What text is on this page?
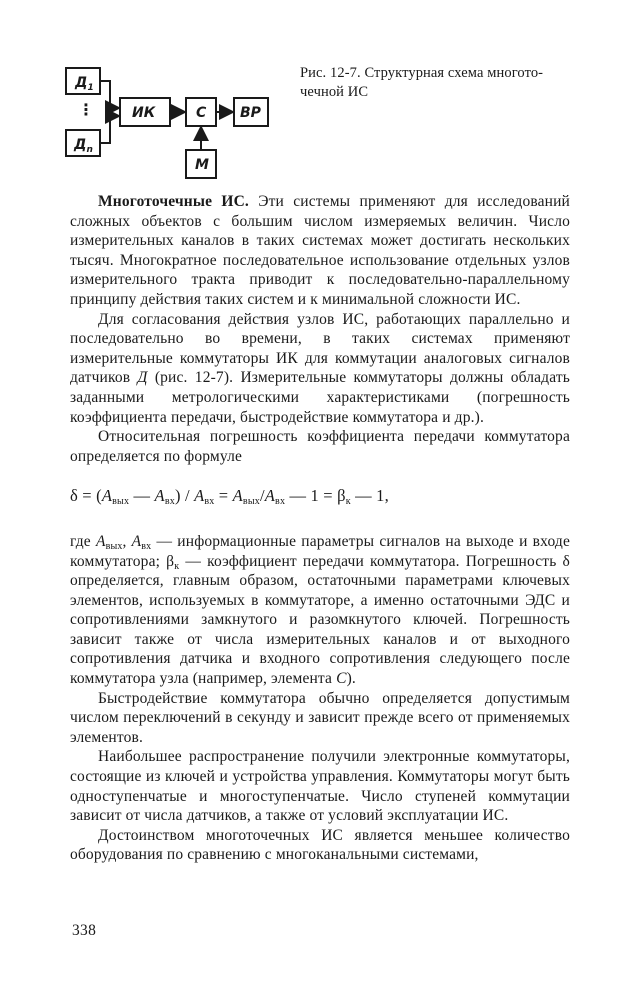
$Д_1$
⋮
$Д_n$
ИК	С ВР
М
Рис. 12-7. Структурная схема многото-
чечной ИС

Многоточечные ИС. Эти системы применяют для исследований сложных объектов с большим числом измеряемых величин. Число измерительных каналов в таких системах может достигать нескольких тысяч. Многократное последовательное использование отдельных узлов измерительного тракта приводит к последовательно-параллельному принципу действия таких систем и к минимальной сложности ИС.

Для согласования действия узлов ИС, работающих параллельно и последовательно во времени, в таких системах применяют измерительные коммутаторы ИК для коммутации аналоговых сигналов датчиков Д (рис. 12-7). Измерительные коммутаторы должны обладать заданными метрологическими характеристиками (погрешность коэффициента передачи, быстродействие коммутатора и др.).

Относительная погрешность коэффициента передачи коммутатора определяется по формуле

$\delta = (A_{вых}$ — $A_{вх}) / A_{вх} = A_{вых}/A_{вх}$ — $1 = \beta_к$ — 1,

где $A_{вых}$, $A_{вх}$ — информационные параметры сигналов на выходе и входе коммутатора; $\beta_к$ — коэффициент передачи коммутатора. Погрешность δ определяется, главным образом, остаточными параметрами ключевых элементов, используемых в коммутаторе, а именно остаточными ЭДС и сопротивлениями замкнутого и разомкнутого ключей. Погрешность зависит также от числа измерительных каналов и от выходного сопротивления датчика и входного сопротивления следующего после коммутатора узла (например, элемента С).

Быстродействие коммутатора обычно определяется допустимым числом переключений в секунду и зависит прежде всего от применяемых элементов.

Наибольшее распространение получили электронные коммутаторы, состоящие из ключей и устройства управления. Коммутаторы могут быть одноступенчатые и многоступенчатые. Число ступеней коммутации зависит от числа датчиков, а также от условий эксплуатации ИС.

Достоинством многоточечных ИС является меньшее количество оборудования по сравнению с многоканальными системами,

338
